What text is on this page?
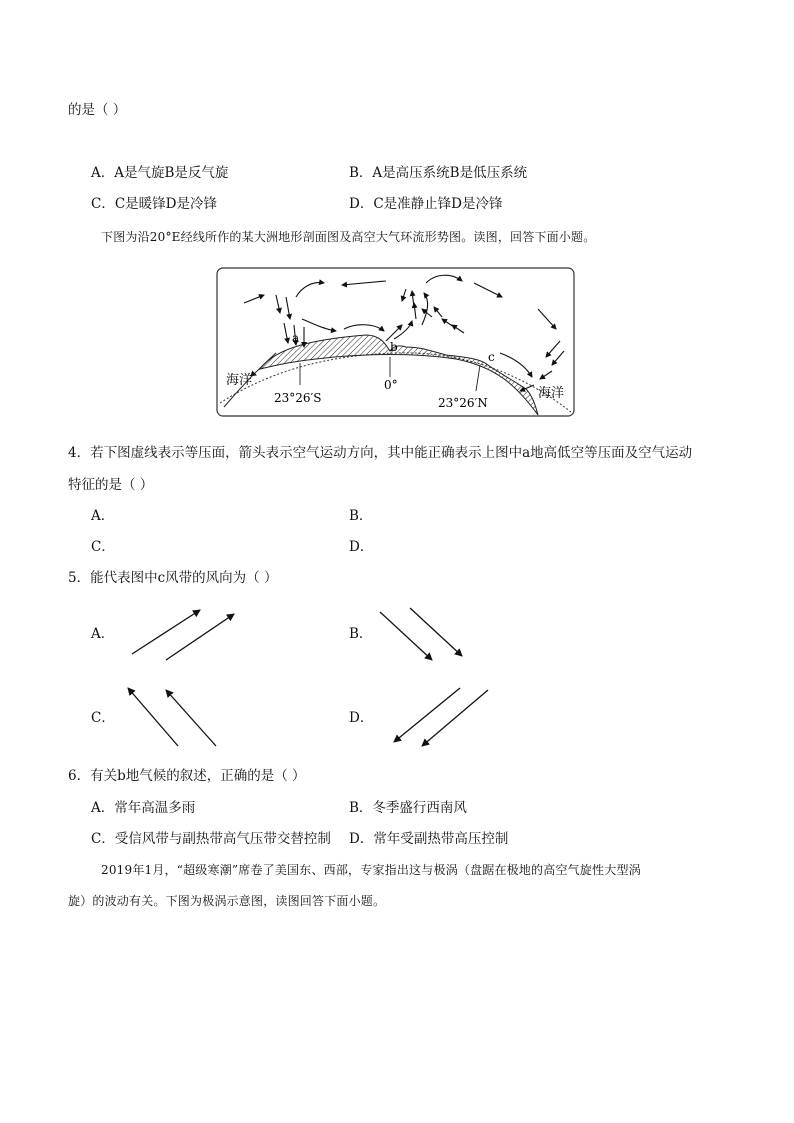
的是（ ）
A．A是气旋B是反气旋	B．A是高压系统B是低压系统
C．C是暖锋D是冷锋	D．C是准静止锋D是冷锋
下图为沿20°E经线所作的某大洲地形剖面图及高空大气环流形势图。读图，回答下面小题。
海洋
海洋
23°26′S	23°26′N
0°
a
b
c
4．若下图虚线表示等压面，箭头表示空气运动方向，其中能正确表示上图中a地高低空等压面及空气运动
特征的是（ ）
A．	B．
C．	D．
5．能代表图中c风带的风向为（ ）
A．	B．
C．	D．
6．有关b地气候的叙述，正确的是（ ）
A．常年高温多雨	B．冬季盛行西南风
C．受信风带与副热带高气压带交替控制 D．常年受副热带高压控制
2019年1月，“超级寒潮”席卷了美国东、西部，专家指出这与极涡（盘踞在极地的高空气旋性大型涡
旋）的波动有关。下图为极涡示意图，读图回答下面小题。
